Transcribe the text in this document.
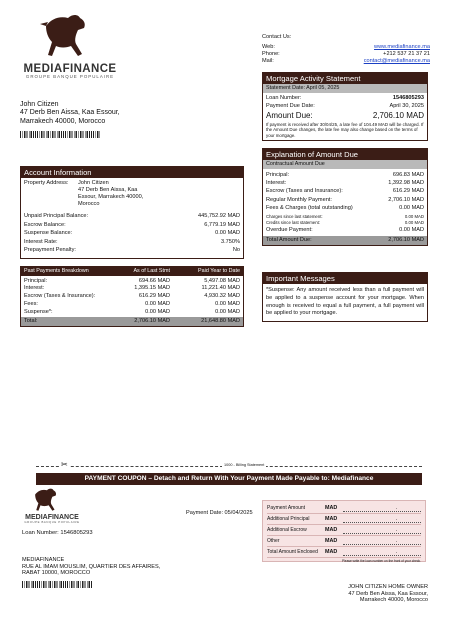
MEDIAFINANCE
GROUPE BANQUE POPULAIRE
Contact Us:
Web:	www.mediafinance.ma
Phone:	+212 537 21 37 21
Mail:	contact@mediafinance.ma
John Citizen
47 Derb Ben Aissa, Kaa Essour,
Marrakech 40000, Morocco
Mortgage Activity Statement
Statement Date: April 05, 2025
Loan Number:	1546805293
Payment Due Date:	April 30, 2025
Amount Due:	2,706.10 MAD
If payment is received after 30/04/25, a late fee of 104.49 MAD will be charged. If the Amount Due changes, the late fee may also change based on the terms of your mortgage.
Account Information
Property Address:	John Citizen
47 Derb Ben Aissa, Kaa
Essour, Marrakech 40000,
Morocco
Unpaid Principal Balance:	445,752.92 MAD
Escrow Balance:	6,779.19 MAD
Suspense Balance:	0.00 MAD
Interest Rate:	3.750%
Prepayment Penalty:	No
Explanation of Amount Due
Contractual Amount Due
Principal:	696.83 MAD
Interest:	1,392.98 MAD
Escrow (Taxes and Insurance):	616.29 MAD
Regular Monthly Payment:	2,706.10 MAD
Fees & Charges (total outstanding)	0.00 MAD
Charges since last statement:	0.00 MAD
Credits since last statement:	0.00 MAD
Overdue Payment:	0.00 MAD
Total Amount Due:	2,706.10 MAD
Past Payments Breakdown	As of Last Stmt	Paid Year to Date
Principal:	694.66 MAD	5,497.08 MAD
Interest:	1,395.15 MAD	11,221.40 MAD
Escrow (Taxes & Insurance):	616.29 MAD	4,930.32 MAD
Fees:	0.00 MAD	0.00 MAD
Suspense*:	0.00 MAD	0.00 MAD
Total:	2,706.10 MAD	21,648.80 MAD
Important Messages
*Suspense: Any amount received less than a full payment will be applied to a suspense account for your mortgage. When enough is received to equal a full payment, a full payment will be applied to your mortgage.
✂	1000 - Billing Statement
PAYMENT COUPON – Detach and Return With Your Payment Made Payable to: Mediafinance
MEDIAFINANCE
GROUPE BANQUE POPULAIRE
Payment Date: 05/04/2025
Loan Number: 1546805293
MEDIAFINANCE
RUE AL IMAM MOUSLIM, QUARTIER DES AFFAIRES,
RABAT 10000, MOROCCO
Payment Amount	MAD	.
Additional Principal	MAD	.
Additional Escrow	MAD	.
Other	MAD	.
Total Amount Enclosed	MAD	.
Please write the loan number on the front of your check.
JOHN CITIZEN HOME OWNER
47 Derb Ben Aissa, Kaa Essour,
Marrakech 40000, Morocco
